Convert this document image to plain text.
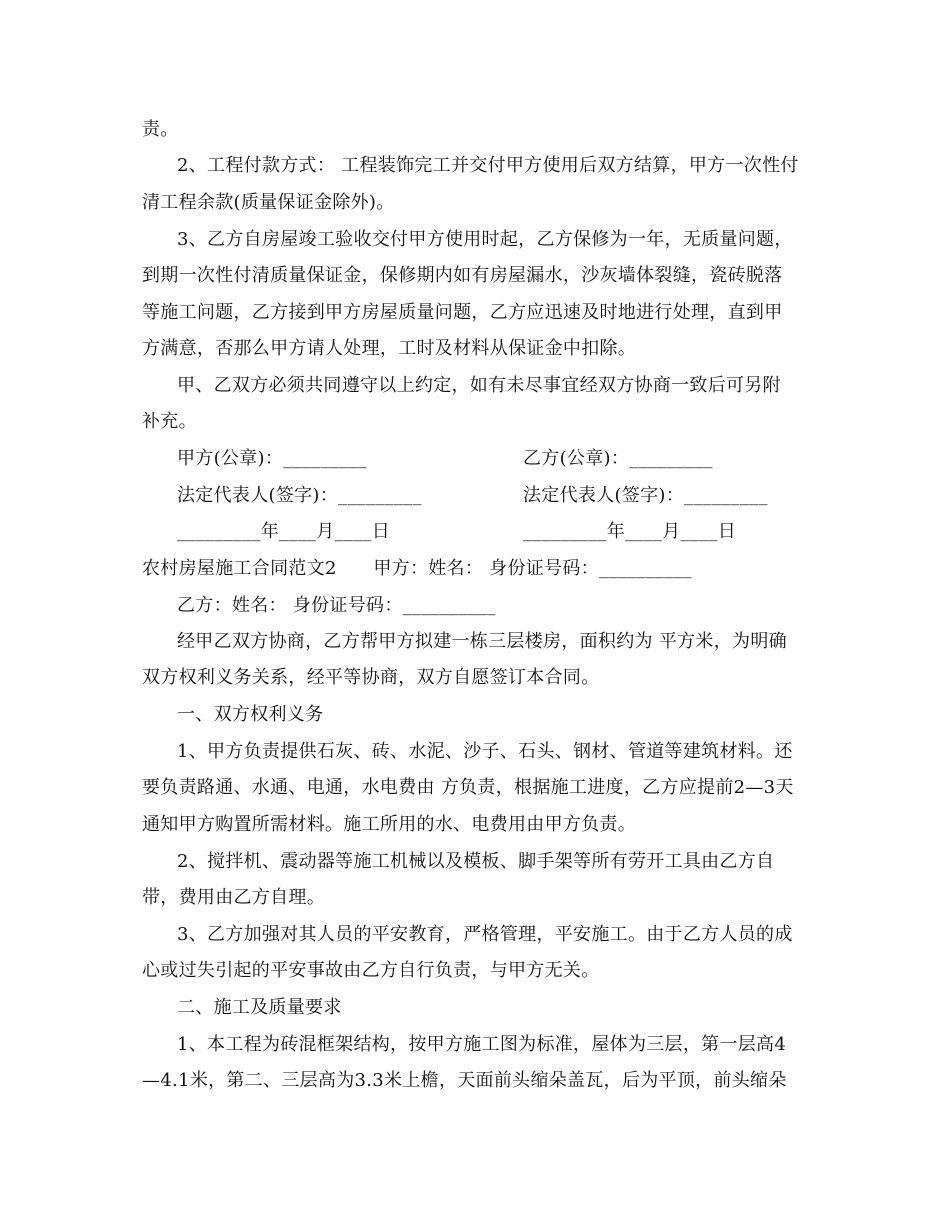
责。
2、工程付款方式： 工程装饰完工并交付甲方使用后双方结算，甲方一次性付
清工程余款(质量保证金除外)。
3、乙方自房屋竣工验收交付甲方使用时起，乙方保修为一年，无质量问题，
到期一次性付清质量保证金，保修期内如有房屋漏水，沙灰墙体裂缝，瓷砖脱落
等施工问题，乙方接到甲方房屋质量问题，乙方应迅速及时地进行处理，直到甲
方满意，否那么甲方请人处理，工时及材料从保证金中扣除。
甲、乙双方必须共同遵守以上约定，如有未尽事宜经双方协商一致后可另附
补充。
甲方(公章)：_________	乙方(公章)：_________
法定代表人(签字)：_________	法定代表人(签字)：_________
_________年____月____日	_________年____月____日
农村房屋施工合同范文2　　甲方：姓名： 身份证号码：__________
乙方：姓名： 身份证号码：__________
经甲乙双方协商，乙方帮甲方拟建一栋三层楼房，面积约为 平方米，为明确
双方权利义务关系，经平等协商，双方自愿签订本合同。
一、双方权利义务
1、甲方负责提供石灰、砖、水泥、沙子、石头、钢材、管道等建筑材料。还
要负责路通、水通、电通，水电费由 方负责，根据施工进度，乙方应提前2—3天
通知甲方购置所需材料。施工所用的水、电费用由甲方负责。
2、搅拌机、震动器等施工机械以及模板、脚手架等所有劳开工具由乙方自
带，费用由乙方自理。
3、乙方加强对其人员的平安教育，严格管理，平安施工。由于乙方人员的成
心或过失引起的平安事故由乙方自行负责，与甲方无关。
二、施工及质量要求
1、本工程为砖混框架结构，按甲方施工图为标准，屋体为三层，第一层高4
—4.1米，第二、三层高为3.3米上檐，天面前头缩朵盖瓦，后为平顶，前头缩朵
